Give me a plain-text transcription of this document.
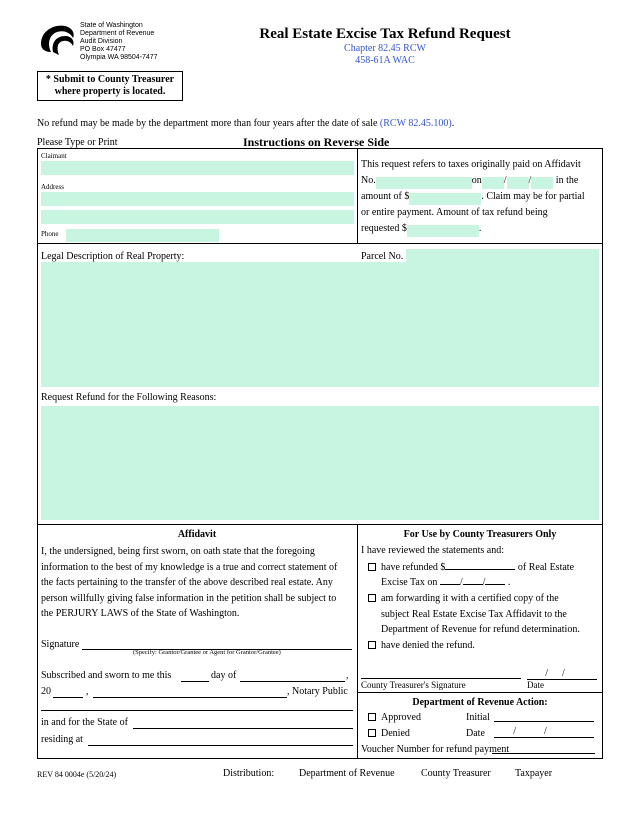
State of Washington
Department of Revenue
Audit Division
PO Box 47477
Olympia WA 98504-7477
Real Estate Excise Tax Refund Request
Chapter 82.45 RCW
458-61A WAC
* Submit to County Treasurer
where property is located.
No refund may be made by the department more than four years after the date of sale (RCW 82.45.100).
Please Type or Print	Instructions on Reverse Side
Claimant
Address
Phone
This request refers to taxes originally paid on Affidavit
No.	on / / in the
amount of $	. Claim may be for partial
or entire payment. Amount of tax refund being
requested $	.
Legal Description of Real Property:	Parcel No.
Request Refund for the Following Reasons:
Affidavit
I, the undersigned, being first sworn, on oath state that the foregoing
information to the best of my knowledge is a true and correct statement of
the facts pertaining to the transfer of the above described real estate. Any
person willfully giving false information in the petition shall be subject to
the PERJURY LAWS of the State of Washington.
Signature
(Specify: Grantor/Grantee or Agent for Grantor/Grantee)
Subscribed and sworn to me this	day of	,
20	,	, Notary Public
in and for the State of
residing at
For Use by County Treasurers Only
I have reviewed the statements and:
have refunded $	of Real Estate
Excise Tax on / / .
am forwarding it with a certified copy of the
subject Real Estate Excise Tax Affidavit to the
Department of Revenue for refund determination.
have denied the refund.
//
County Treasurer's Signature	Date
Department of Revenue Action:
Approved	Initial
Denied	Date	//
Voucher Number for refund payment
REV 84 0004e (5/20/24)	Distribution: Department of Revenue	County Treasurer Taxpayer
